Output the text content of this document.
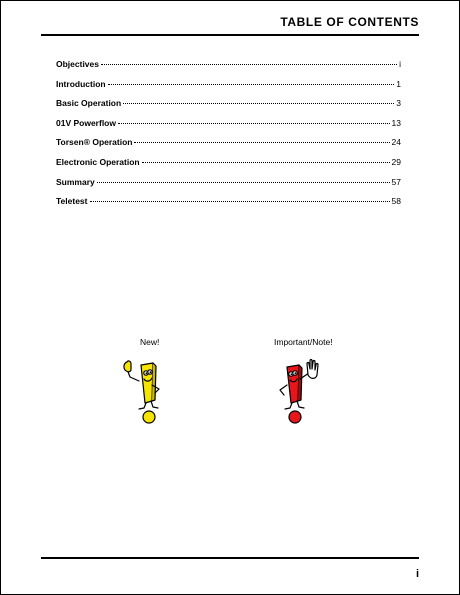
TABLE OF CONTENTS
Objectives	i
Introduction	1
Basic Operation	3
01V Powerflow	13
Torsen® Operation	24
Electronic Operation	29
Summary	57
Teletest	58
New!	Important/Note!
i
